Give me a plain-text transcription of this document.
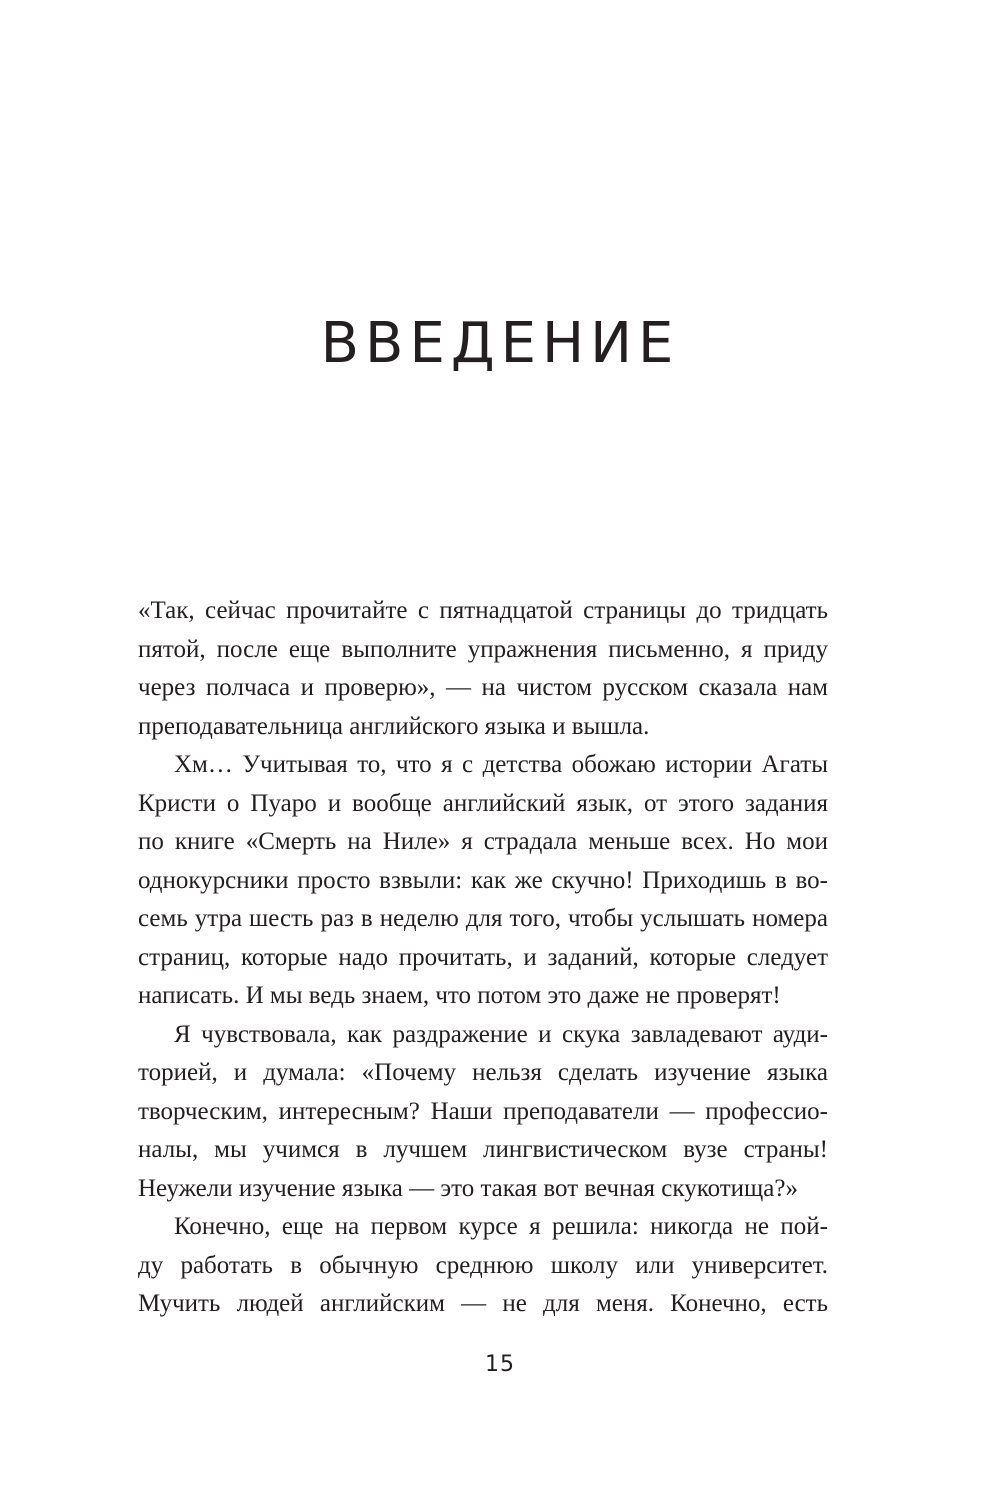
ВВЕДЕНИЕ
«Так, сейчас прочитайте с пятнадцатой страницы до тридцать
пятой, после еще выполните упражнения письменно, я приду
через полчаса и проверю», — на чистом русском сказала нам
преподавательница английского языка и вышла.
Хм… Учитывая то, что я с детства обожаю истории Агаты
Кристи о Пуаро и вообще английский язык, от этого задания
по книге «Смерть на Ниле» я страдала меньше всех. Но мои
однокурсники просто взвыли: как же скучно! Приходишь в во-
семь утра шесть раз в неделю для того, чтобы услышать номера
страниц, которые надо прочитать, и заданий, которые следует
написать. И мы ведь знаем, что потом это даже не проверят!
Я чувствовала, как раздражение и скука завладевают ауди-
торией, и думала: «Почему нельзя сделать изучение языка
творческим, интересным? Наши преподаватели — профессио-
налы, мы учимся в лучшем лингвистическом вузе страны!
Неужели изучение языка — это такая вот вечная скукотища?»
Конечно, еще на первом курсе я решила: никогда не пой-
ду работать в обычную среднюю школу или университет.
Мучить людей английским — не для меня. Конечно, есть
15
